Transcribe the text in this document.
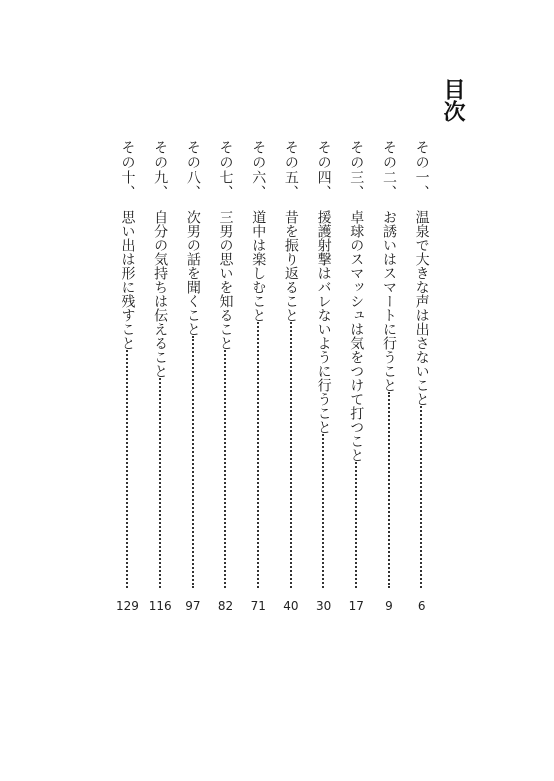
目次
その一、
温泉で大きな声は出さないこと
6
その二、
お誘いはスマートに行うこと
9
その三、
卓球のスマッシュは気をつけて打つこと
17
その四、
援護射撃はバレないように行うこと
30
その五、
昔を振り返ること
40
その六、
道中は楽しむこと
71
その七、
三男の思いを知ること
82
その八、
次男の話を聞くこと
97
その九、
自分の気持ちは伝えること
116
その十、
思い出は形に残すこと
129
